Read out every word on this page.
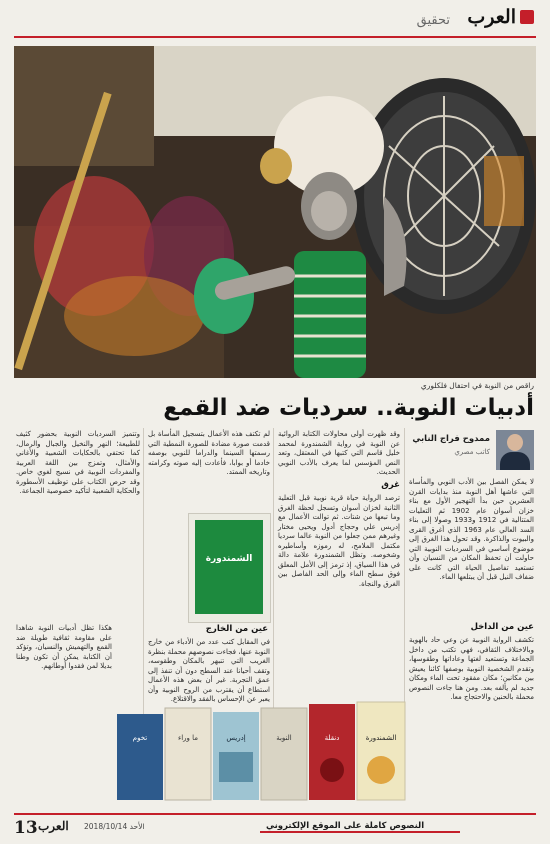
العرب
تحقيق
راقص من النوبة في احتفال فلكلوري
أدبيات النوبة.. سرديات ضد القمع
ممدوح فراج النابي
كاتب مصري
لا يمكن الفصل بين الأدب النوبي والمأساة التي عاشها أهل النوبة منذ بدايات القرن العشرين حين بدأ التهجير الأول مع بناء خزان أسوان عام 1902 ثم التعليات المتتالية في 1912 و1933 وصولا إلى بناء السد العالي عام 1963 الذي أغرق القرى والبيوت والذاكرة. وقد تحول هذا الغرق إلى موضوع أساسي في السرديات النوبية التي حاولت أن تحفظ المكان من النسيان وأن تستعيد تفاصيل الحياة التي كانت على ضفاف النيل قبل أن يبتلعها الماء.
عين من الداخل
تكشف الرواية النوبية عن وعي حاد بالهوية وبالاختلاف الثقافي، فهي تكتب من داخل الجماعة وتستعيد لغتها وعاداتها وطقوسها، وتقدم الشخصية النوبية بوصفها كائنا يعيش بين مكانين؛ مكان مفقود تحت الماء ومكان جديد لم يألفه بعد. ومن هنا جاءت النصوص محملة بالحنين والاحتجاج معا.
وقد ظهرت أولى محاولات الكتابة الروائية عن النوبة في رواية الشمندورة لمحمد خليل قاسم التي كتبها في المعتقل، وتعد النص المؤسس لما يعرف بالأدب النوبي الحديث.
غرق
ترصد الرواية حياة قرية نوبية قبل التعلية الثانية لخزان أسوان وتسجل لحظة الغرق وما تبعها من شتات. ثم توالت الأعمال مع إدريس علي وحجاج أدول ويحيى مختار وغيرهم ممن جعلوا من النوبة عالما سرديا مكتمل الملامح، له رموزه وأساطيره وشخوصه. وتظل الشمندورة علامة دالة في هذا السياق، إذ ترمز إلى الأمل المعلق فوق سطح الماء وإلى الحد الفاصل بين الغرق والنجاة.
لم تكتف هذه الأعمال بتسجيل المأساة بل قدمت صورة مضادة للصورة النمطية التي رسمتها السينما والدراما للنوبي بوصفه خادما أو بوابا، فأعادت إليه صوته وكرامته وتاريخه الممتد.
الشمندورة
عين من الخارج
في المقابل كتب عدد من الأدباء من خارج النوبة عنها، فجاءت نصوصهم محملة بنظرة الغريب التي تنبهر بالمكان وطقوسه، وتقف أحيانا عند السطح دون أن تنفذ إلى عمق التجربة. غير أن بعض هذه الأعمال استطاع أن يقترب من الروح النوبية وأن يعبر عن الإحساس بالفقد والاقتلاع.
وتتميز السرديات النوبية بحضور كثيف للطبيعة؛ النهر والنخيل والجبال والرمال، كما تحتفي بالحكايات الشعبية والأغاني والأمثال، وتمزج بين اللغة العربية والمفردات النوبية في نسيج لغوي خاص. وقد حرص الكتاب على توظيف الأسطورة والحكاية الشعبية لتأكيد خصوصية الجماعة.
هكذا تظل أدبيات النوبة شاهدا على مقاومة ثقافية طويلة ضد القمع والتهميش والنسيان، وتؤكد أن الكتابة يمكن أن تكون وطنا بديلا لمن فقدوا أوطانهم.
تخوم	ما وراء	إدريس	النوبة	دنقلة	الشمندورة
13 العرب الأحد 2018/10/14	النصوص كاملة على الموقع الإلكتروني
